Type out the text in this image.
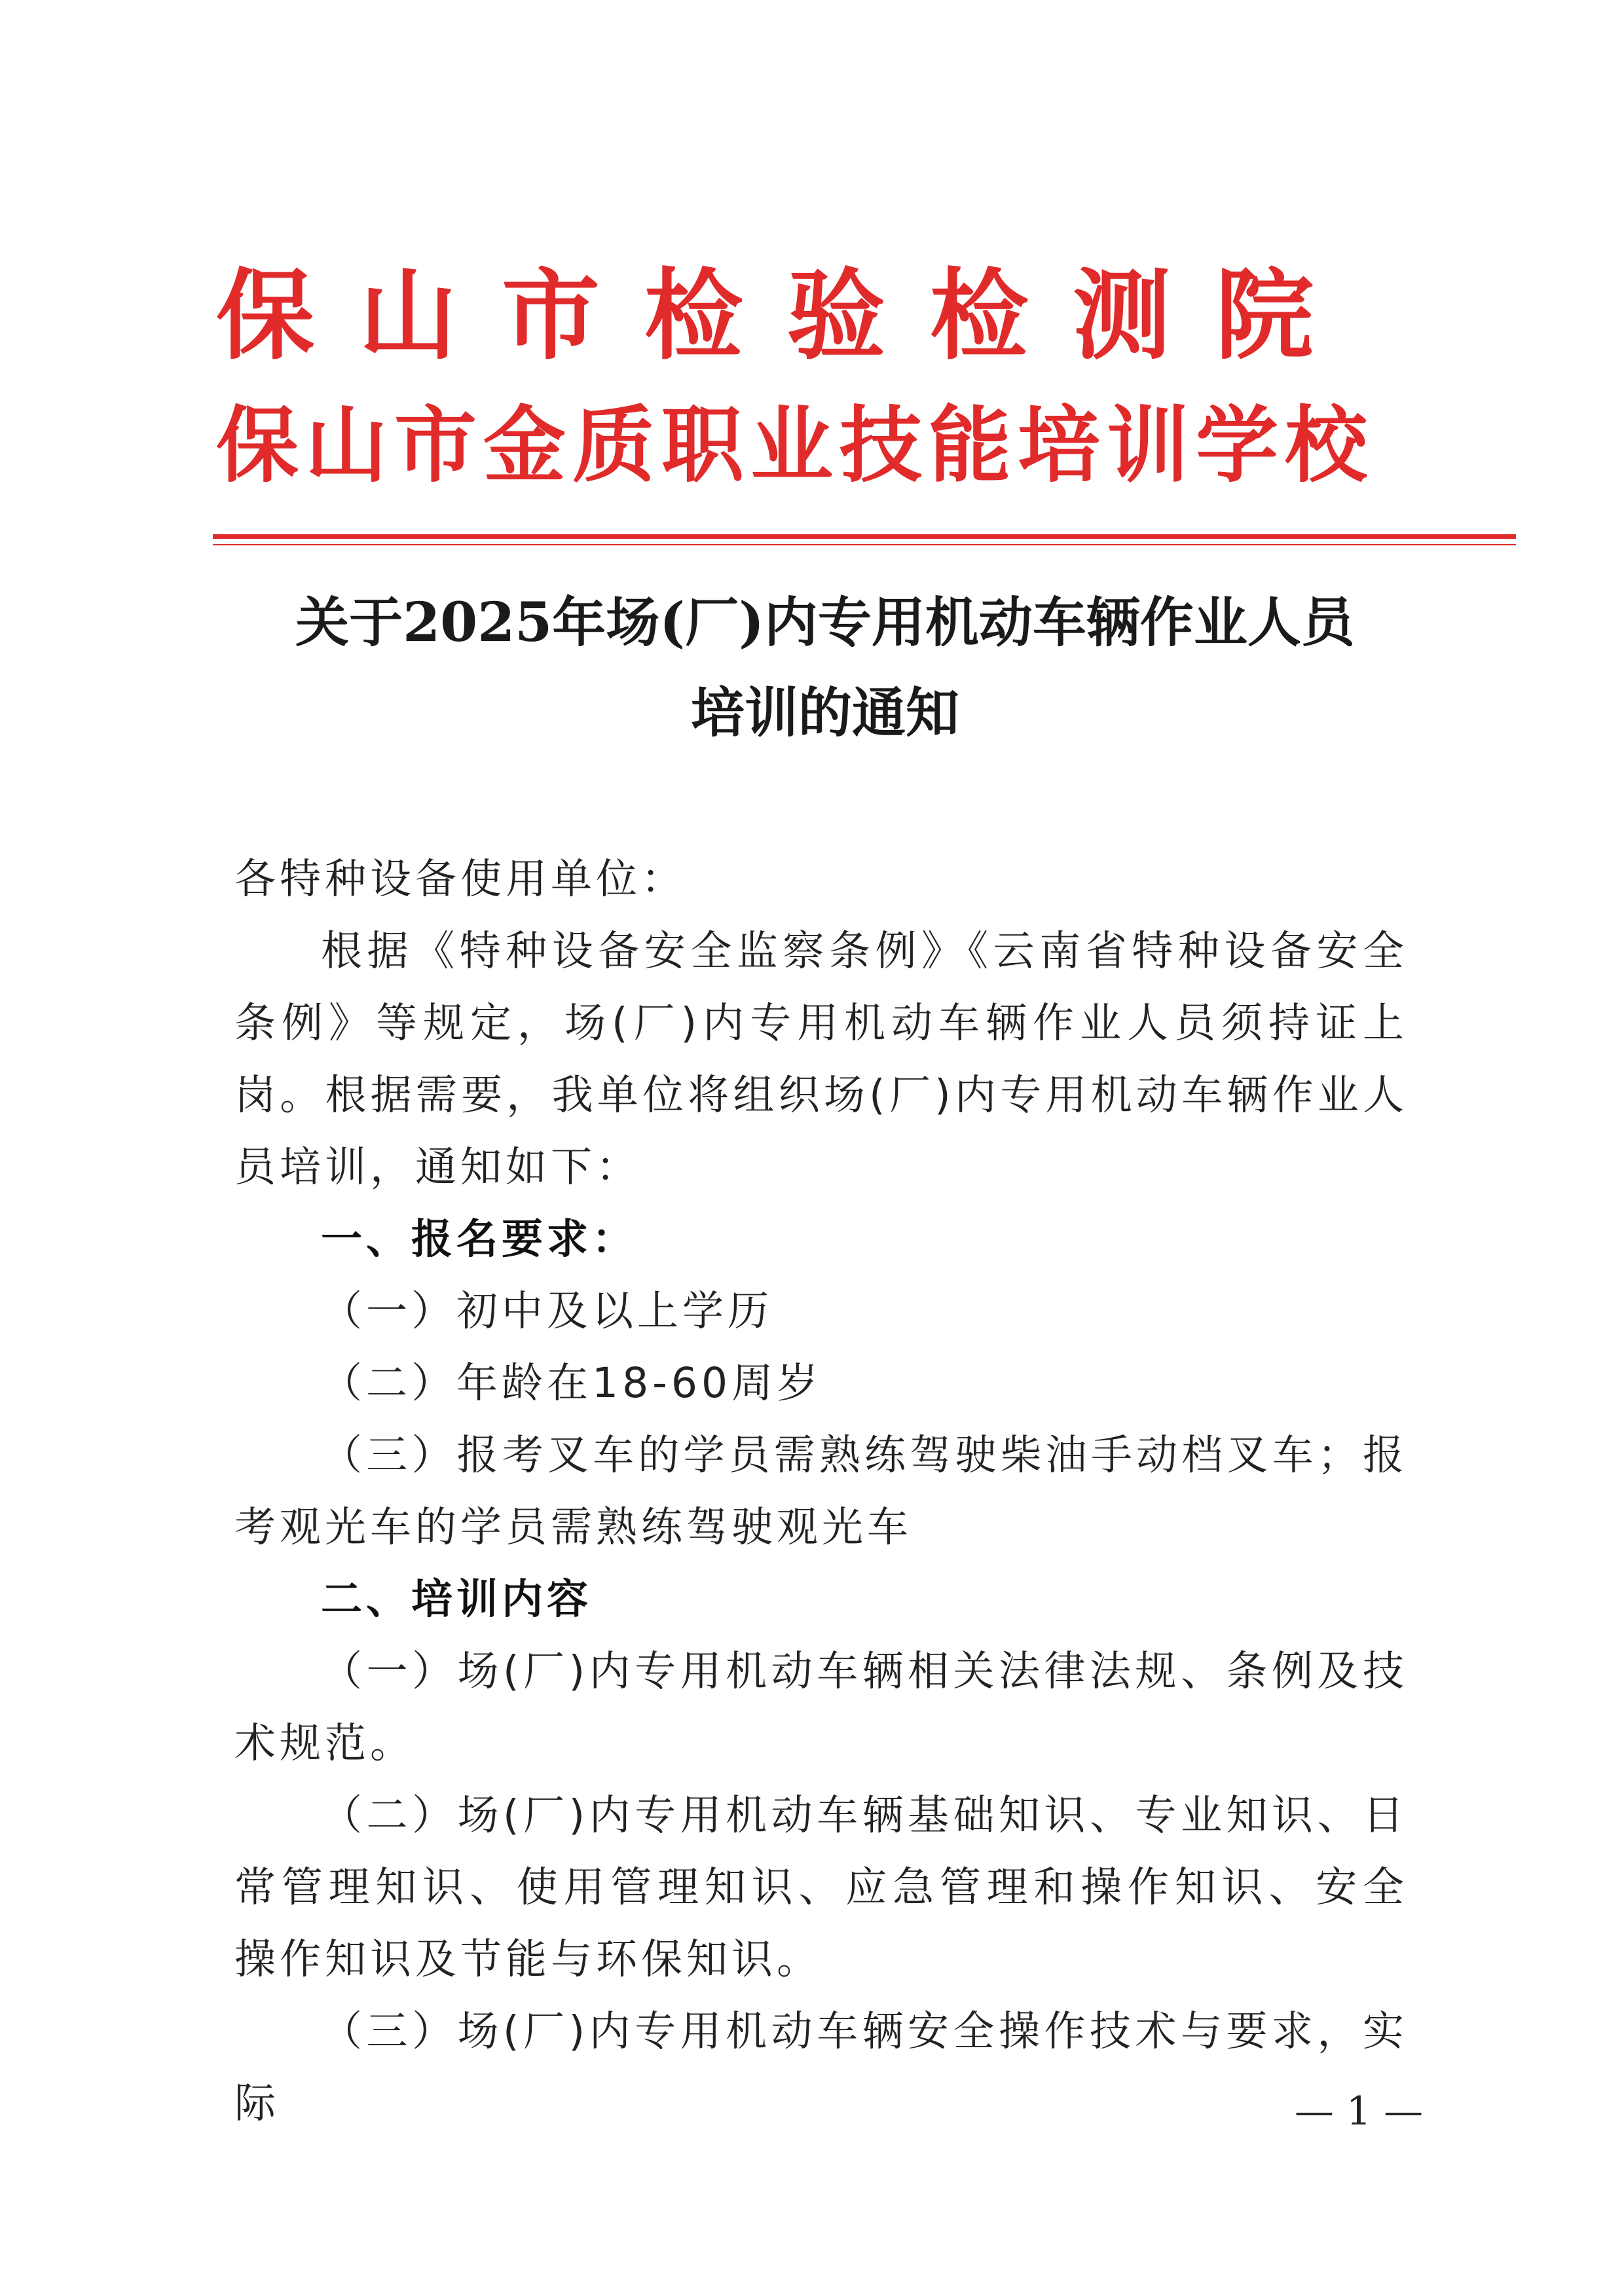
保山市检验检测院
保山市金质职业技能培训学校
关于2025年场(厂)内专用机动车辆作业人员
培训的通知

各特种设备使用单位：

根据《特种设备安全监察条例》《云南省特种设备安全条例》等规定，场(厂)内专用机动车辆作业人员须持证上岗。根据需要，我单位将组织场(厂)内专用机动车辆作业人员培训，通知如下：

一、报名要求：

（一）初中及以上学历

（二）年龄在18-60周岁

（三）报考叉车的学员需熟练驾驶柴油手动档叉车；报考观光车的学员需熟练驾驶观光车

二、培训内容

（一）场(厂)内专用机动车辆相关法律法规、条例及技术规范。

（二）场(厂)内专用机动车辆基础知识、专业知识、日常管理知识、使用管理知识、应急管理和操作知识、安全操作知识及节能与环保知识。

（三）场(厂)内专用机动车辆安全操作技术与要求，实际	— 1 —
